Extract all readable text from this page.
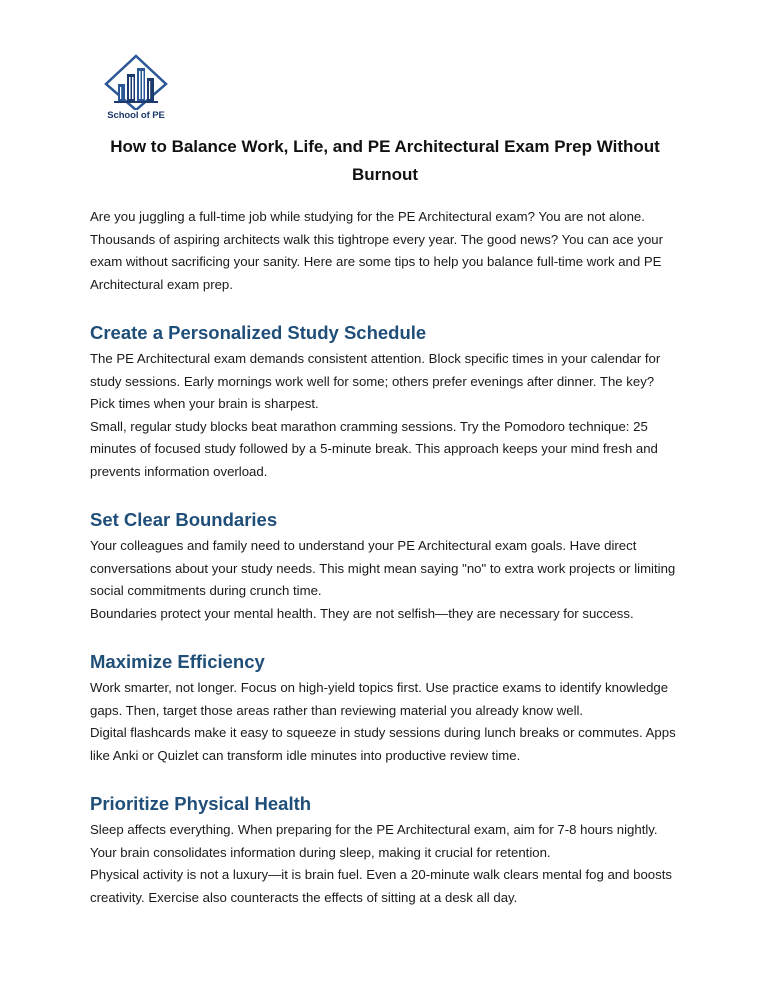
School of PE
How to Balance Work, Life, and PE Architectural Exam Prep Without Burnout

Are you juggling a full-time job while studying for the PE Architectural exam? You are not alone. Thousands of aspiring architects walk this tightrope every year. The good news? You can ace your exam without sacrificing your sanity. Here are some tips to help you balance full-time work and PE Architectural exam prep.

Create a Personalized Study Schedule

The PE Architectural exam demands consistent attention. Block specific times in your calendar for study sessions. Early mornings work well for some; others prefer evenings after dinner. The key? Pick times when your brain is sharpest.

Small, regular study blocks beat marathon cramming sessions. Try the Pomodoro technique: 25 minutes of focused study followed by a 5-minute break. This approach keeps your mind fresh and prevents information overload.

Set Clear Boundaries

Your colleagues and family need to understand your PE Architectural exam goals. Have direct conversations about your study needs. This might mean saying "no" to extra work projects or limiting social commitments during crunch time.

Boundaries protect your mental health. They are not selfish—they are necessary for success.

Maximize Efficiency

Work smarter, not longer. Focus on high-yield topics first. Use practice exams to identify knowledge gaps. Then, target those areas rather than reviewing material you already know well.

Digital flashcards make it easy to squeeze in study sessions during lunch breaks or commutes. Apps like Anki or Quizlet can transform idle minutes into productive review time.

Prioritize Physical Health

Sleep affects everything. When preparing for the PE Architectural exam, aim for 7-8 hours nightly. Your brain consolidates information during sleep, making it crucial for retention.

Physical activity is not a luxury—it is brain fuel. Even a 20-minute walk clears mental fog and boosts creativity. Exercise also counteracts the effects of sitting at a desk all day.
